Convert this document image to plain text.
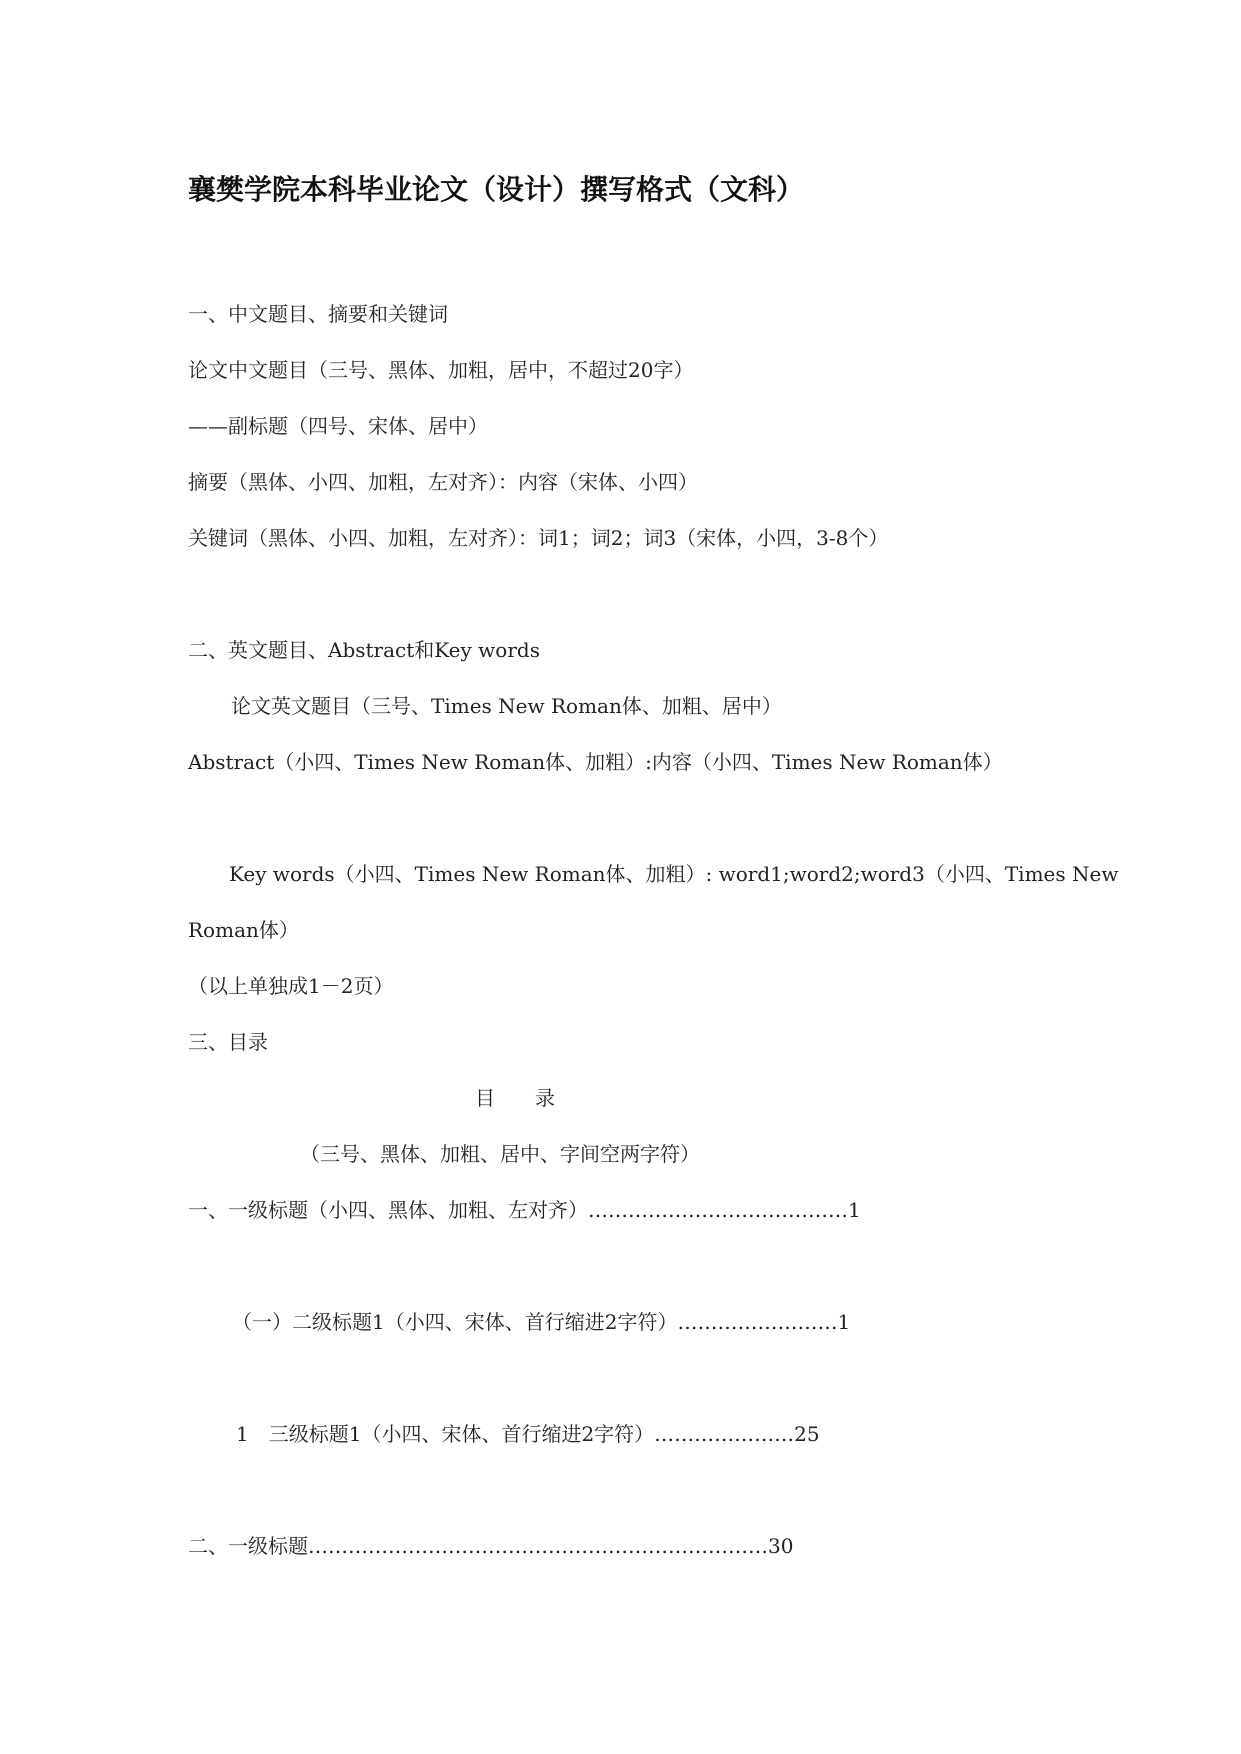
襄樊学院本科毕业论文（设计）撰写格式（文科）
一、中文题目、摘要和关键词
论文中文题目（三号、黑体、加粗，居中，不超过20字）
——副标题（四号、宋体、居中）
摘要（黑体、小四、加粗，左对齐）：内容（宋体、小四）
关键词（黑体、小四、加粗，左对齐）：词1；词2；词3（宋体，小四，3-8个）
二、英文题目、Abstract和Key words
论文英文题目（三号、Times New Roman体、加粗、居中）
Abstract（小四、Times New Roman体、加粗）:内容（小四、Times New Roman体）
Key words（小四、Times New Roman体、加粗）: word1;word2;word3（小四、Times New
Roman体）
（以上单独成1－2页）
三、目录
目 录
（三号、黑体、加粗、居中、字间空两字符）
一、一级标题（小四、黑体、加粗、左对齐）…………………………………1
（一）二级标题1（小四、宋体、首行缩进2字符）……………………1
1　三级标题1（小四、宋体、首行缩进2字符）…………………25
二、一级标题……………………………………………………………30
